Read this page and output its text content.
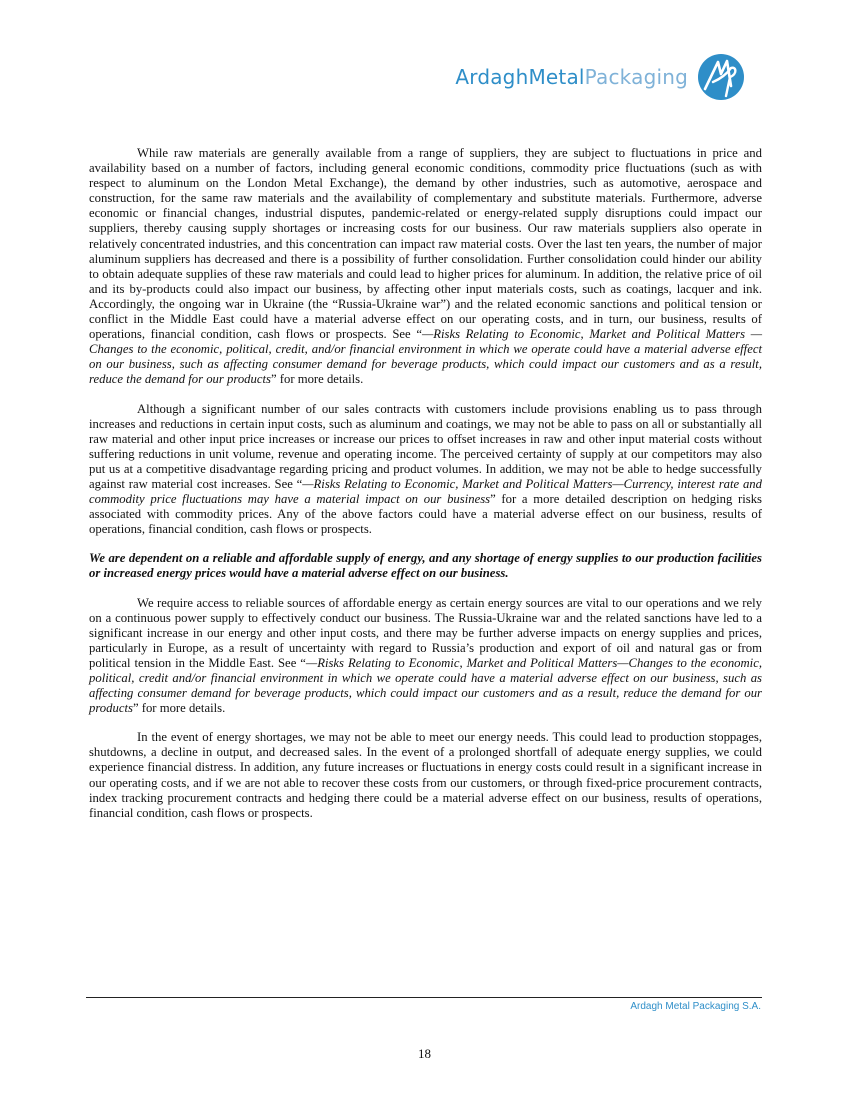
ArdaghMetalPackaging

While raw materials are generally available from a range of suppliers, they are subject to fluctuations in price and availability based on a number of factors, including general economic conditions, commodity price fluctuations (such as with respect to aluminum on the London Metal Exchange), the demand by other industries, such as automotive, aerospace and construction, for the same raw materials and the availability of complementary and substitute materials. Furthermore, adverse economic or financial changes, industrial disputes, pandemic-related or energy-related supply disruptions could impact our suppliers, thereby causing supply shortages or increasing costs for our business. Our raw materials suppliers also operate in relatively concentrated industries, and this concentration can impact raw material costs. Over the last ten years, the number of major aluminum suppliers has decreased and there is a possibility of further consolidation. Further consolidation could hinder our ability to obtain adequate supplies of these raw materials and could lead to higher prices for aluminum. In addition, the relative price of oil and its by-products could also impact our business, by affecting other input materials costs, such as coatings, lacquer and ink. Accordingly, the ongoing war in Ukraine (the “Russia-Ukraine war”) and the related economic sanctions and political tension or conflict in the Middle East could have a material adverse effect on our operating costs, and in turn, our business, results of operations, financial condition, cash flows or prospects. See “—Risks Relating to Economic, Market and Political Matters —Changes to the economic, political, credit, and/or financial environment in which we operate could have a material adverse effect on our business, such as affecting consumer demand for beverage products, which could impact our customers and as a result, reduce the demand for our products” for more details.

Although a significant number of our sales contracts with customers include provisions enabling us to pass through increases and reductions in certain input costs, such as aluminum and coatings, we may not be able to pass on all or substantially all raw material and other input price increases or increase our prices to offset increases in raw and other input material costs without suffering reductions in unit volume, revenue and operating income. The perceived certainty of supply at our competitors may also put us at a competitive disadvantage regarding pricing and product volumes. In addition, we may not be able to hedge successfully against raw material cost increases. See “—Risks Relating to Economic, Market and Political Matters—Currency, interest rate and commodity price fluctuations may have a material impact on our business” for a more detailed description on hedging risks associated with commodity prices. Any of the above factors could have a material adverse effect on our business, results of operations, financial condition, cash flows or prospects.

We are dependent on a reliable and affordable supply of energy, and any shortage of energy supplies to our production facilities or increased energy prices would have a material adverse effect on our business.

We require access to reliable sources of affordable energy as certain energy sources are vital to our operations and we rely on a continuous power supply to effectively conduct our business. The Russia-Ukraine war and the related sanctions have led to a significant increase in our energy and other input costs, and there may be further adverse impacts on energy supplies and prices, particularly in Europe, as a result of uncertainty with regard to Russia’s production and export of oil and natural gas or from political tension in the Middle East. See “—Risks Relating to Economic, Market and Political Matters—Changes to the economic, political, credit and/or financial environment in which we operate could have a material adverse effect on our business, such as affecting consumer demand for beverage products, which could impact our customers and as a result, reduce the demand for our products” for more details.

In the event of energy shortages, we may not be able to meet our energy needs. This could lead to production stoppages, shutdowns, a decline in output, and decreased sales. In the event of a prolonged shortfall of adequate energy supplies, we could experience financial distress. In addition, any future increases or fluctuations in energy costs could result in a significant increase in our operating costs, and if we are not able to recover these costs from our customers, or through fixed-price procurement contracts, index tracking procurement contracts and hedging there could be a material adverse effect on our business, results of operations, financial condition, cash flows or prospects.

Ardagh Metal Packaging S.A.
18
